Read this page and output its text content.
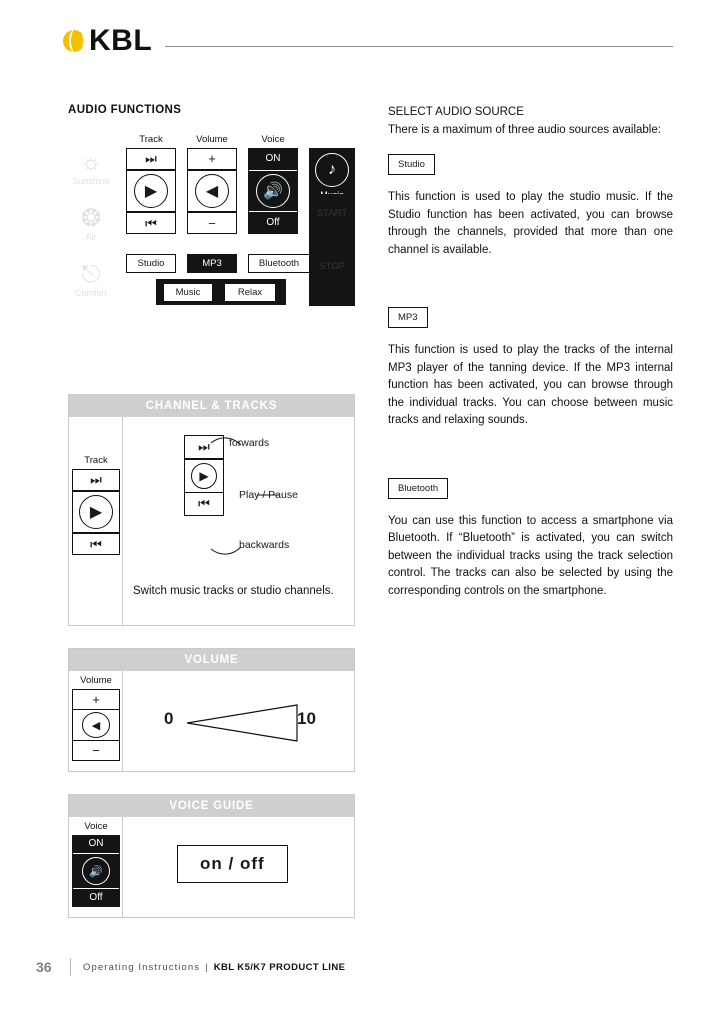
KBL
AUDIO FUNCTIONS
☼
Sunshine
❂
Air
⎋
Comfort
Track
⏭
▶
⏮
Volume
+
◀
−
Voice
ON
🔊
Off
♪
START
STOP
Studio	MP3	Bluetooth
Music	Relax
CHANNEL & TRACKS
Track
⏭
▶
⏮
⏭
▶
⏮
forwards
Play / Pause
backwards
Switch music tracks or studio channels.
VOLUME
Volume
+
◀
−
0	10
VOICE GUIDE
Voice
ON
🔊
Off
on / off
SELECT AUDIO SOURCE
There is a maximum of three audio sources available:
Studio

This function is used to play the studio music. If the Studio function has been activated, you can browse through the channels, provided that more than one channel is available.

MP3

This function is used to play the tracks of the internal MP3 player of the tanning device. If the MP3 internal function has been activated, you can browse through the individual tracks. You can choose between music tracks and relaxing sounds.

Bluetooth

You can use this function to access a smartphone via Bluetooth. If “Bluetooth” is activated, you can switch between the individual tracks using the track selection control. The tracks can also be selected by using the corresponding controls on the smartphone.

36	Operating Instructions | KBL K5/K7 PRODUCT LINE
